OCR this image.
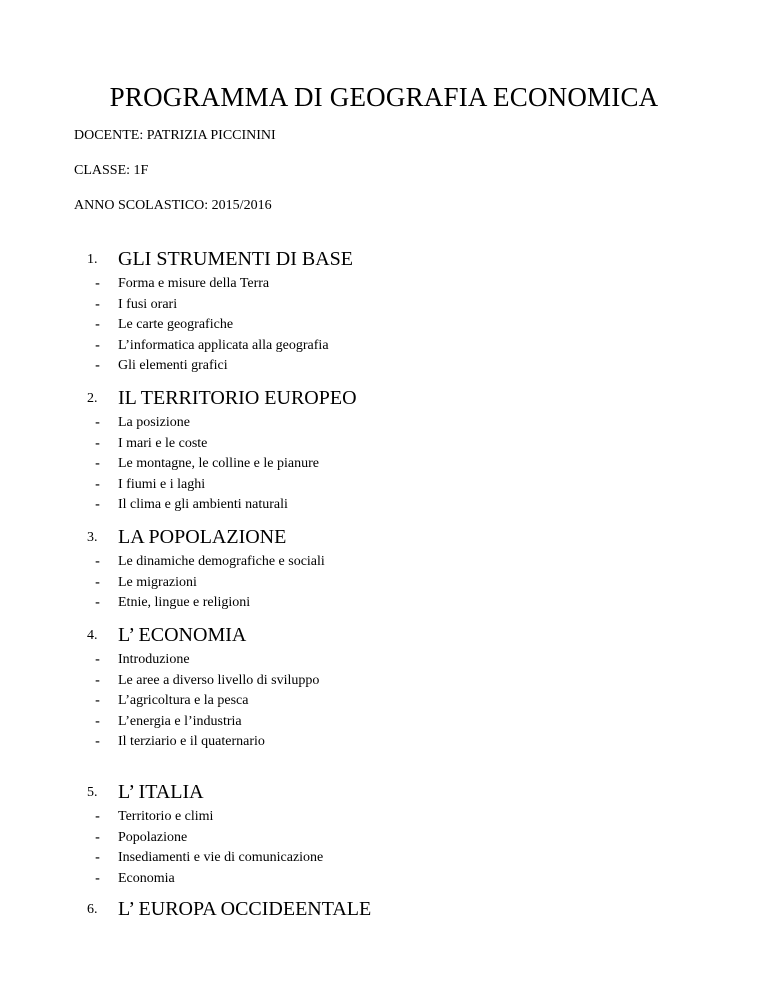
PROGRAMMA DI GEOGRAFIA ECONOMICA
DOCENTE: PATRIZIA PICCININI
CLASSE: 1F
ANNO SCOLASTICO: 2015/2016
1. GLI STRUMENTI DI BASE
- Forma e misure della Terra
- I fusi orari
- Le carte geografiche
- L’informatica applicata alla geografia
- Gli elementi grafici
2. IL TERRITORIO EUROPEO
- La posizione
- I mari e le coste
- Le montagne, le colline e le pianure
- I fiumi e i laghi
- Il clima e gli ambienti naturali
3. LA POPOLAZIONE
- Le dinamiche demografiche e sociali
- Le migrazioni
- Etnie, lingue e religioni
4. L’ ECONOMIA
- Introduzione
- Le aree a diverso livello di sviluppo
- L’agricoltura e la pesca
- L’energia e l’industria
- Il terziario e il quaternario
5. L’ ITALIA
- Territorio e climi
- Popolazione
- Insediamenti e vie di comunicazione
- Economia
6. L’ EUROPA OCCIDEENTALE
